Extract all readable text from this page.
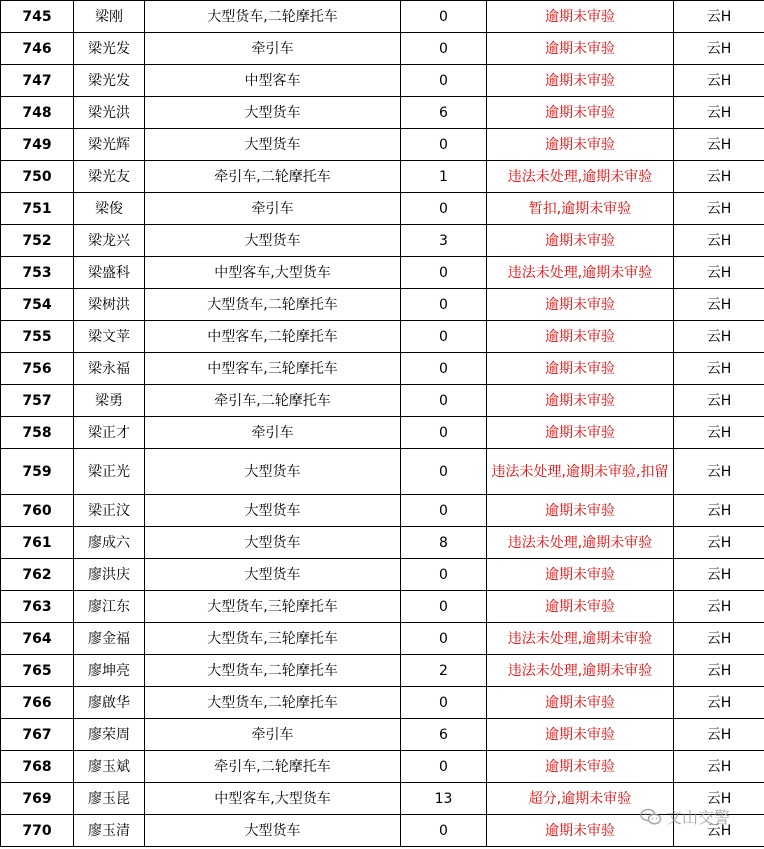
745	梁刚	大型货车,二轮摩托车	0	逾期未审验	云H
746	梁光发	牵引车	0	逾期未审验	云H
747	梁光发	中型客车	0	逾期未审验	云H
748	梁光洪	大型货车	6	逾期未审验	云H
749	梁光辉	大型货车	0	逾期未审验	云H
750	梁光友	牵引车,二轮摩托车	1	违法未处理,逾期未审验	云H
751	梁俊	牵引车	0	暂扣,逾期未审验	云H
752	梁龙兴	大型货车	3	逾期未审验	云H
753	梁盛科	中型客车,大型货车	0	违法未处理,逾期未审验	云H
754	梁树洪	大型货车,二轮摩托车	0	逾期未审验	云H
755	梁文苹	中型客车,二轮摩托车	0	逾期未审验	云H
756	梁永福	中型客车,三轮摩托车	0	逾期未审验	云H
757	梁勇	牵引车,二轮摩托车	0	逾期未审验	云H
758	梁正才	牵引车	0	逾期未审验	云H
759	梁正光	大型货车	0	违法未处理,逾期未审验,扣留	云H
760	梁正汶	大型货车	0	逾期未审验	云H
761	廖成六	大型货车	8	违法未处理,逾期未审验	云H
762	廖洪庆	大型货车	0	逾期未审验	云H
763	廖江东	大型货车,三轮摩托车	0	逾期未审验	云H
764	廖金福	大型货车,三轮摩托车	0	违法未处理,逾期未审验	云H
765	廖坤亮	大型货车,二轮摩托车	2	违法未处理,逾期未审验	云H
766	廖啟华	大型货车,二轮摩托车	0	逾期未审验	云H
767	廖荣周	牵引车	6	逾期未审验	云H
768	廖玉斌	牵引车,二轮摩托车	0	逾期未审验	云H
769	廖玉昆	中型客车,大型货车	13	超分,逾期未审验	云H
770	廖玉清	大型货车	0	逾期未审验	云H
文山交警
